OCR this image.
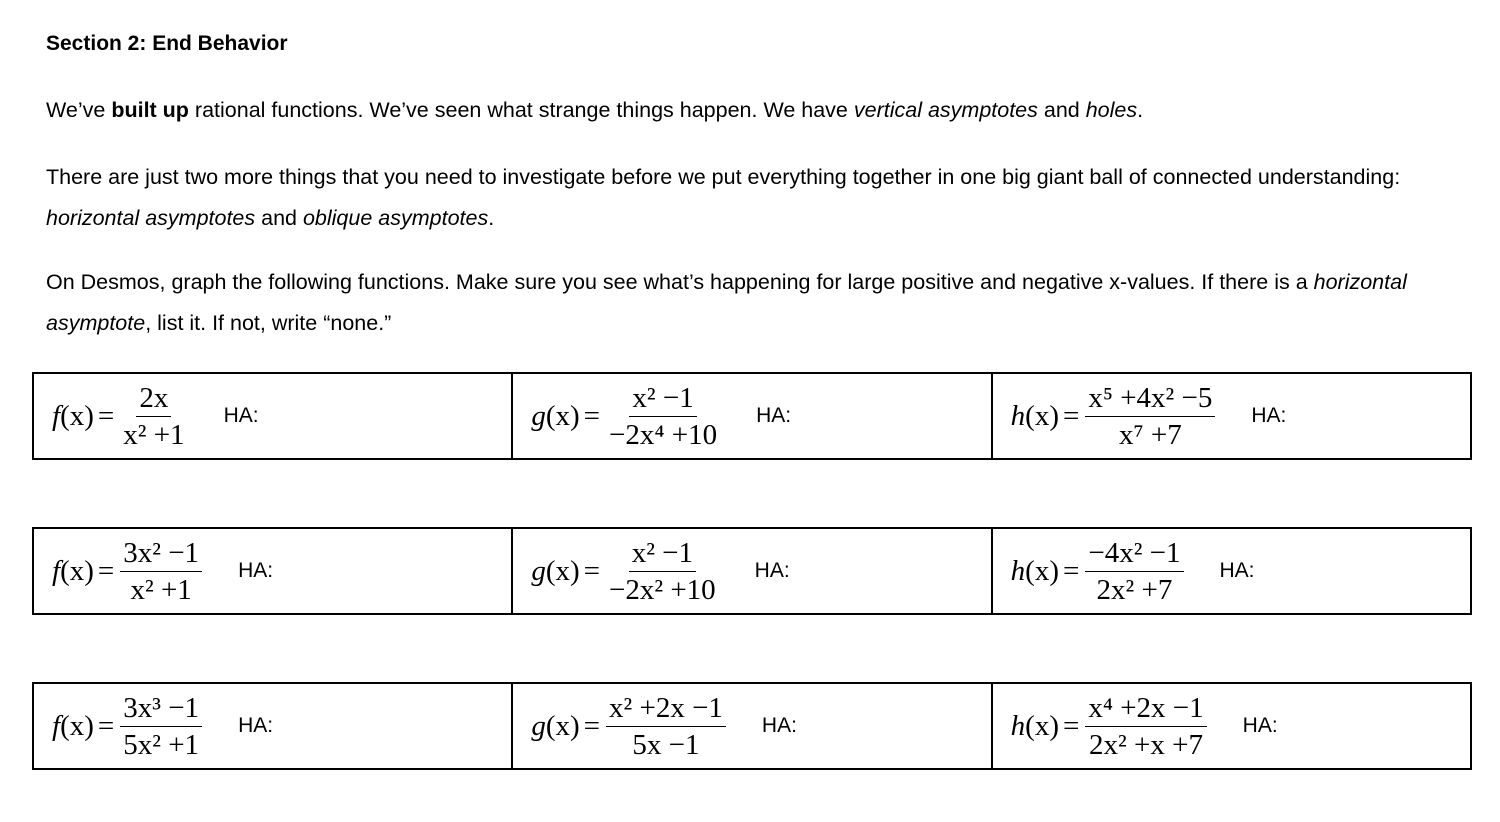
Section 2: End Behavior

We’ve built up rational functions. We’ve seen what strange things happen. We have vertical asymptotes and holes.

There are just two more things that you need to investigate before we put everything together in one big giant ball of connected understanding: horizontal asymptotes and oblique asymptotes.

On Desmos, graph the following functions. Make sure you see what’s happening for large positive and negative x-values. If there is a horizontal asymptote, list it. If not, write “none.”

f $(x) = \frac{2x}{\text{x² +1}}$ HA:	g $(x) = \frac{\text{x² −1}}{\text{−2x⁴ +10}}$ HA:	h $(x) = \frac{\text{x⁵ +4x² −5}}{\text{x⁷ +7}}$ HA:
f $(x) = \frac{\text{3x² −1}}{\text{x² +1}}$ HA:	g $(x) = \frac{\text{x² −1}}{\text{−2x² +10}}$ HA:	h $(x) = \frac{\text{−4x² −1}}{\text{2x² +7}}$ HA:
f $(x) = \frac{\text{3x³ −1}}{\text{5x² +1}}$ HA:	g $(x) = \frac{\text{x² +2x −1}}{5x -1}$ HA:	h $(x) = \frac{\text{x⁴ +2x −1}}{\text{2x² +x +7}}$ HA:
